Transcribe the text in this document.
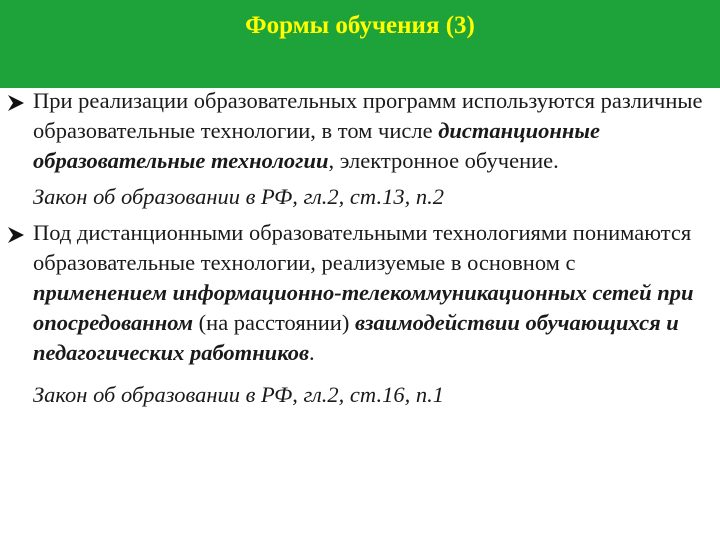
Формы обучения (3)
При реализации образовательных программ используются различные образовательные технологии, в том числе дистанционные образовательные технологии, электронное обучение.
Закон об образовании в РФ, гл.2, ст.13, п.2
Под дистанционными образовательными технологиями понимаются образовательные технологии, реализуемые в основном с применением информационно-телекоммуникационных сетей при опосредованном (на расстоянии) взаимодействии обучающихся и педагогических работников.
Закон об образовании в РФ, гл.2, ст.16, п.1
